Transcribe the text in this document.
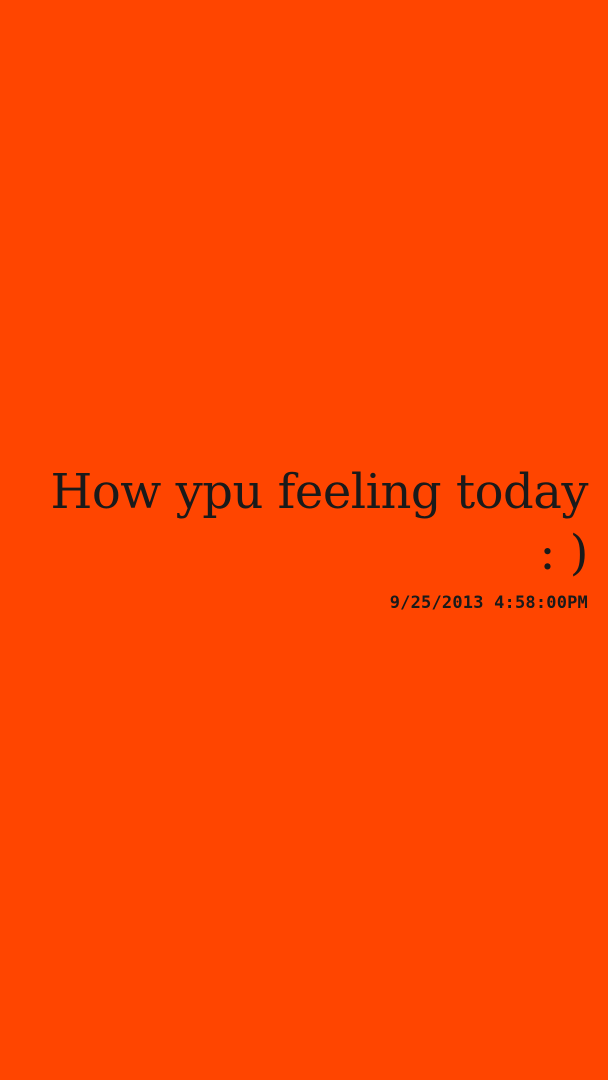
How ypu feeling today
: )
9/25/2013 4:58:00PM
